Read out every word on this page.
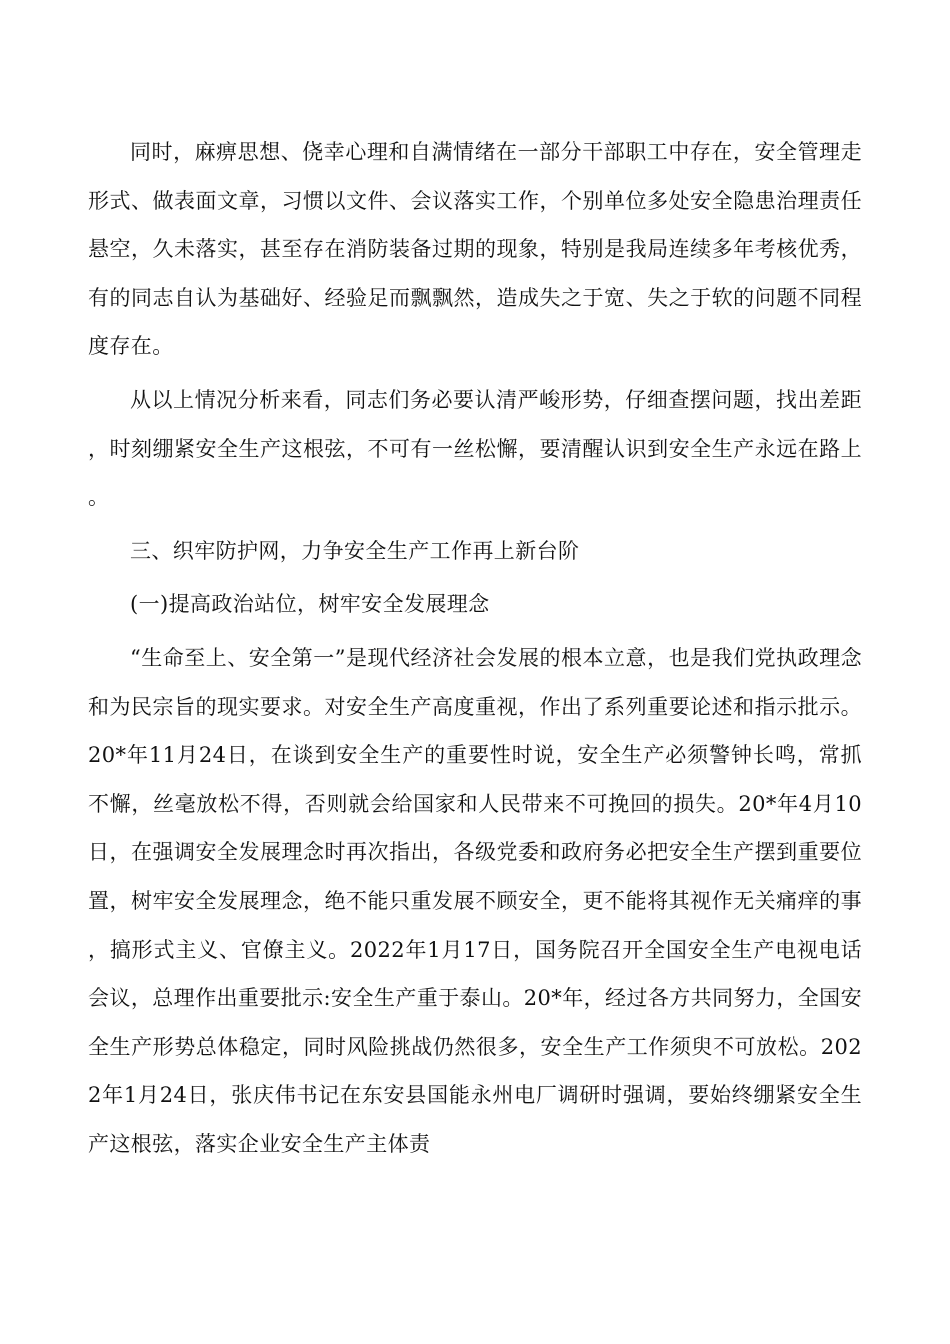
同时，麻痹思想、侥幸心理和自满情绪在一部分干部职工中存在，安全管理走形式、做表面文章，习惯以文件、会议落实工作，个别单位多处安全隐患治理责任悬空，久未落实，甚至存在消防装备过期的现象，特别是我局连续多年考核优秀，有的同志自认为基础好、经验足而飘飘然，造成失之于宽、失之于软的问题不同程度存在。

从以上情况分析来看，同志们务必要认清严峻形势，仔细查摆问题，找出差距，时刻绷紧安全生产这根弦，不可有一丝松懈，要清醒认识到安全生产永远在路上。

三、织牢防护网，力争安全生产工作再上新台阶

(一)提高政治站位，树牢安全发展理念

“生命至上、安全第一”是现代经济社会发展的根本立意，也是我们党执政理念和为民宗旨的现实要求。对安全生产高度重视，作出了系列重要论述和指示批示。20*年11月24日，在谈到安全生产的重要性时说，安全生产必须警钟长鸣，常抓不懈，丝毫放松不得，否则就会给国家和人民带来不可挽回的损失。20*年4月10日，在强调安全发展理念时再次指出，各级党委和政府务必把安全生产摆到重要位置，树牢安全发展理念，绝不能只重发展不顾安全，更不能将其视作无关痛痒的事，搞形式主义、官僚主义。2022年1月17日，国务院召开全国安全生产电视电话会议，总理作出重要批示:安全生产重于泰山。20*年，经过各方共同努力，全国安全生产形势总体稳定，同时风险挑战仍然很多，安全生产工作须臾不可放松。2022年1月24日，张庆伟书记在东安县国能永州电厂调研时强调，要始终绷紧安全生产这根弦，落实企业安全生产主体责
